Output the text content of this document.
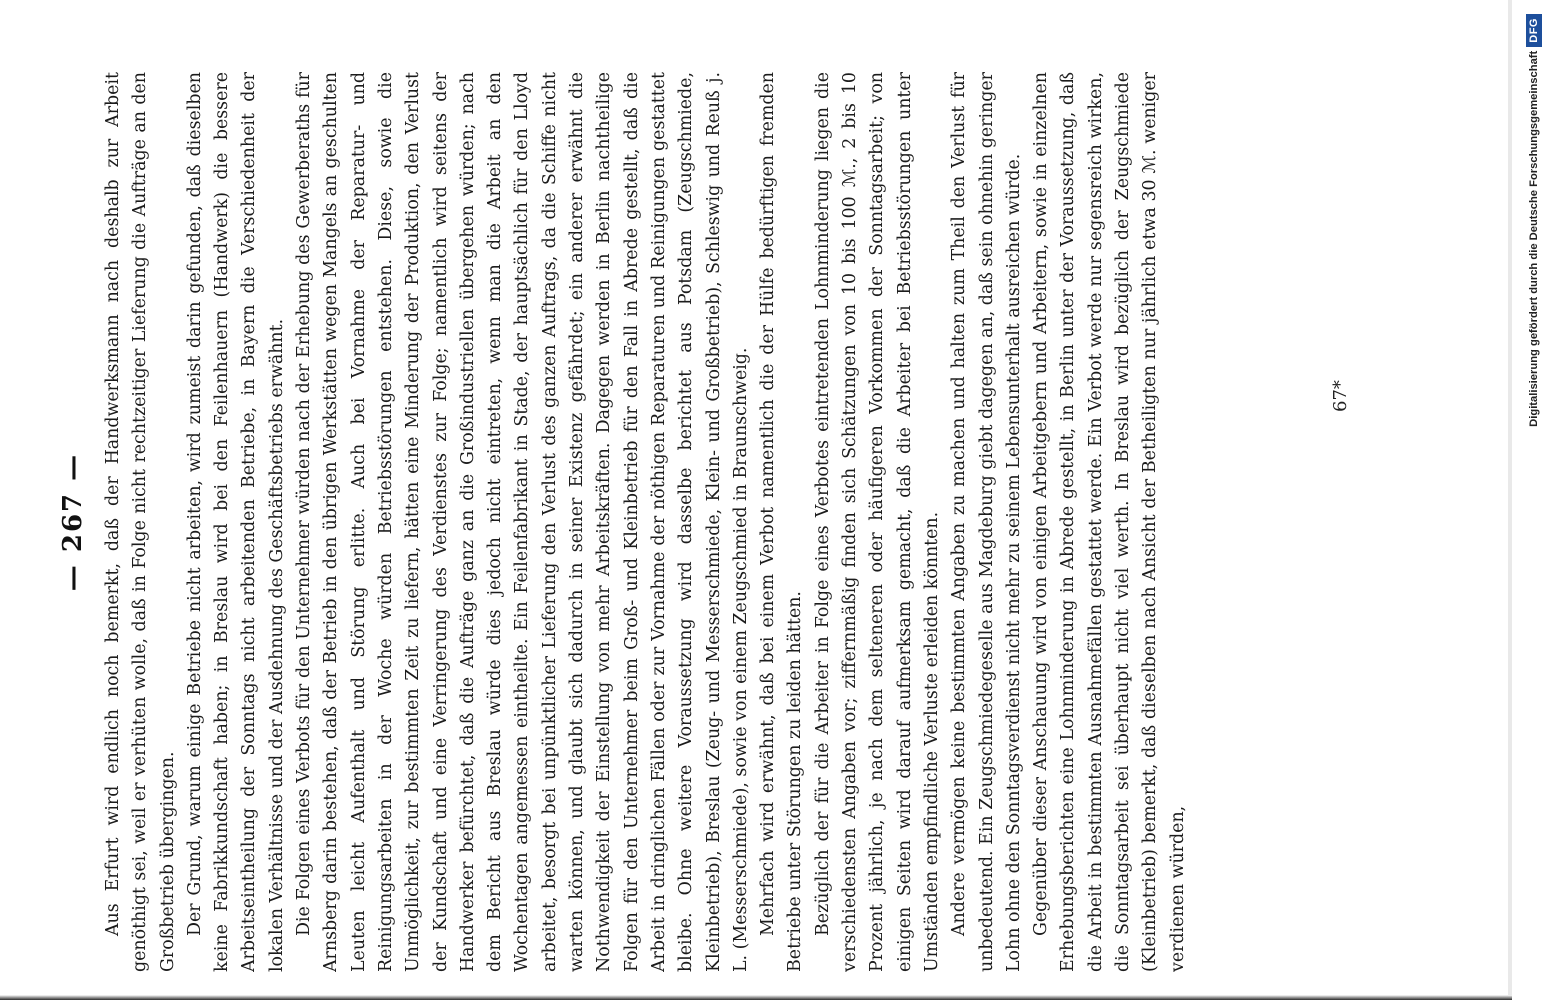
— 267 — Aus Erfurt wird endlich noch bemerkt, daß der Handwerksmann nach deshalb zur Arbeit genöthigt sei, weil er verhüten wolle, daß in Folge nicht rechtzeitiger Lieferung die Aufträge an den Großbetrieb übergingen. Der Grund, warum einige Betriebe nicht arbeiten, wird zumeist darin gefunden, daß dieselben keine Fabrikkundschaft haben; in Breslau wird bei den Feilenhauern (Handwerk) die bessere Arbeitseintheilung der Sonntags nicht arbeitenden Betriebe, in Bayern die Verschiedenheit der lokalen Verhältnisse und der Ausdehnung des Geschäftsbetriebs erwähnt. Die Folgen eines Verbots für den Unternehmer würden nach der Erhebung des Gewerberaths für Arnsberg darin bestehen, daß der Betrieb in den übrigen Werkstätten wegen Mangels an geschulten Leuten leicht Aufenthalt und Störung erlitte. Auch bei Vornahme der Reparatur- und Reinigungsarbeiten in der Woche würden Betriebsstörungen entstehen. Diese, sowie die Unmöglichkeit, zur bestimmten Zeit zu liefern, hätten eine Minderung der Produktion, den Verlust der Kundschaft und eine Verringerung des Verdienstes zur Folge; namentlich wird seitens der Handwerker befürchtet, daß die Aufträge ganz an die Großindustriellen übergehen würden; nach dem Bericht aus Breslau würde dies jedoch nicht eintreten, wenn man die Arbeit an den Wochentagen angemessen eintheilte. Ein Feilenfabrikant in Stade, der hauptsächlich für den Lloyd arbeitet, besorgt bei unpünktlicher Lieferung den Verlust des ganzen Auftrags, da die Schiffe nicht warten können, und glaubt sich dadurch in seiner Existenz gefährdet; ein anderer erwähnt die Nothwendigkeit der Einstellung von mehr Arbeitskräften. Dagegen werden in Berlin nachtheilige Folgen für den Unternehmer beim Groß- und Kleinbetrieb für den Fall in Abrede gestellt, daß die Arbeit in dringlichen Fällen oder zur Vornahme der nöthigen Reparaturen und Reinigungen gestattet bleibe. Ohne weitere Voraussetzung wird dasselbe berichtet aus Potsdam (Zeugschmiede, Kleinbetrieb), Breslau (Zeug- und Messerschmiede, Klein- und Großbetrieb), Schleswig und Reuß j. L. (Messerschmiede), sowie von einem Zeugschmied in Braunschweig. Mehrfach wird erwähnt, daß bei einem Verbot namentlich die der Hülfe bedürftigen fremden Betriebe unter Störungen zu leiden hätten. Bezüglich der für die Arbeiter in Folge eines Verbotes eintretenden Lohnminderung liegen die verschiedensten Angaben vor; ziffernmäßig finden sich Schätzungen von 10 bis 100 ℳ., 2 bis 10 Prozent jährlich, je nach dem selteneren oder häufigeren Vorkommen der Sonntagsarbeit; von einigen Seiten wird darauf aufmerksam gemacht, daß die Arbeiter bei Betriebsstörungen unter Umständen empfindliche Verluste erleiden könnten. Andere vermögen keine bestimmten Angaben zu machen und halten zum Theil den Verlust für unbedeutend. Ein Zeugschmiedegeselle aus Magdeburg giebt dagegen an, daß sein ohnehin geringer Lohn ohne den Sonntagsverdienst nicht mehr zu seinem Lebensunterhalt ausreichen würde. Gegenüber dieser Anschauung wird von einigen Arbeitgebern und Arbeitern, sowie in einzelnen Erhebungsberichten eine Lohnminderung in Abrede gestellt, in Berlin unter der Voraussetzung, daß die Arbeit in bestimmten Ausnahmefällen gestattet werde. Ein Verbot werde nur segensreich wirken, die Sonntagsarbeit sei überhaupt nicht viel werth. In Breslau wird bezüglich der Zeugschmiede (Kleinbetrieb) bemerkt, daß dieselben nach Ansicht der Betheiligten nur jährlich etwa 30 ℳ. weniger verdienen würden,

67*	Digitalisierung gefördert durch die Deutsche Forschungsgemeinschaft
DFG
